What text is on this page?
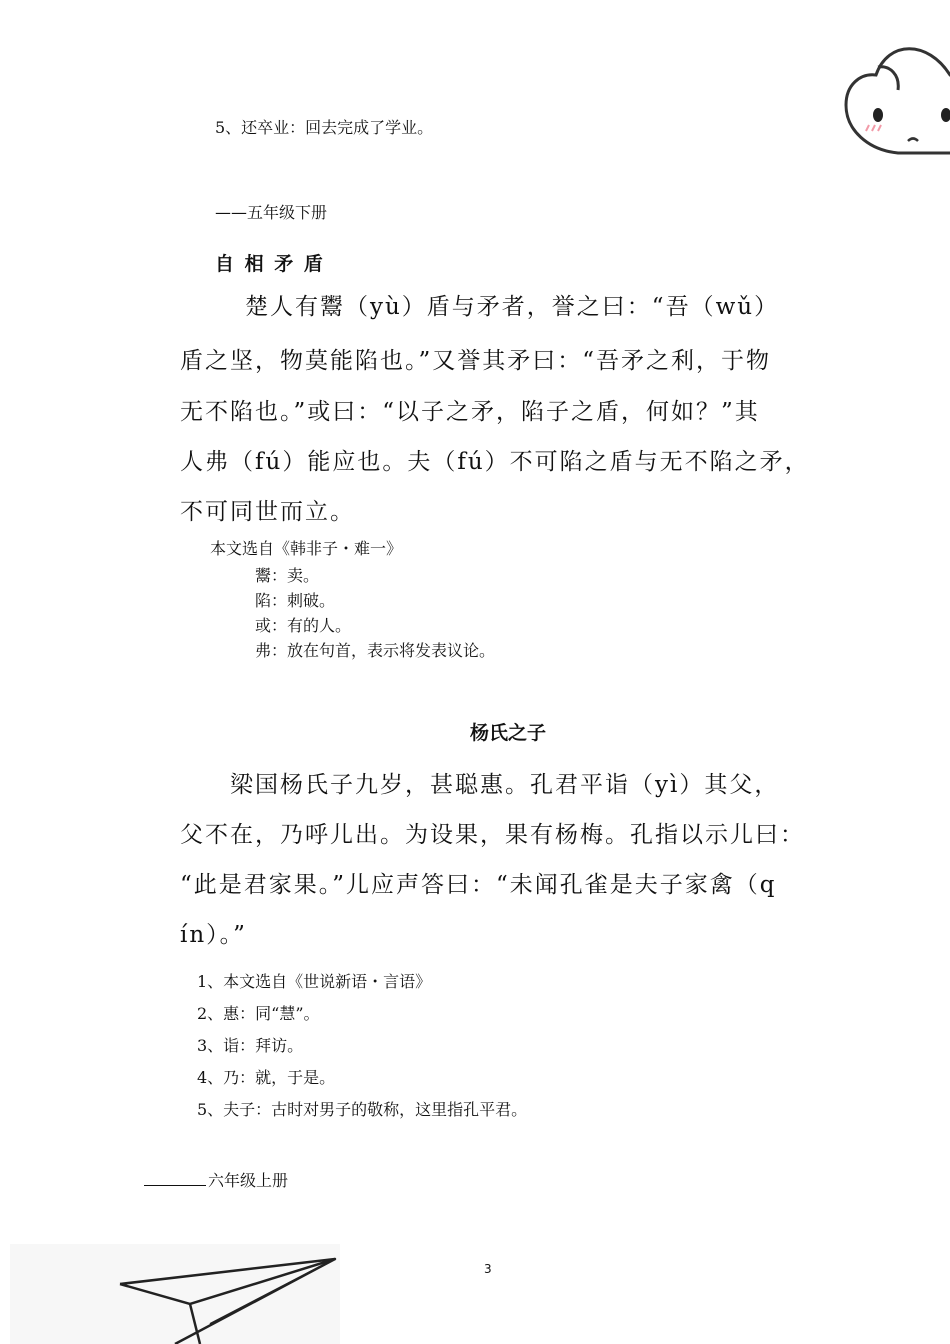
5、还卒业：回去完成了学业。
——五年级下册
自 相 矛 盾
楚人有鬻（yù）盾与矛者，誉之曰：“吾（wǔ）
盾之坚，物莫能陷也。”又誉其矛曰：“吾矛之利，于物
无不陷也。”或曰：“以子之矛，陷子之盾，何如？”其
人弗（fú）能应也。夫（fú）不可陷之盾与无不陷之矛，
不可同世而立。
本文选自《韩非子・难一》
鬻：卖。
陷：刺破。
或：有的人。
弗：放在句首，表示将发表议论。
杨氏之子
梁国杨氏子九岁，甚聪惠。孔君平诣（yì）其父，
父不在，乃呼儿出。为设果，果有杨梅。孔指以示儿曰：
“此是君家果。”儿应声答曰：“未闻孔雀是夫子家禽（q
ín）。”
1、本文选自《世说新语・言语》
2、惠：同“慧”。
3、诣：拜访。
4、乃：就，于是。
5、夫子：古时对男子的敬称，这里指孔平君。
六年级上册
3
